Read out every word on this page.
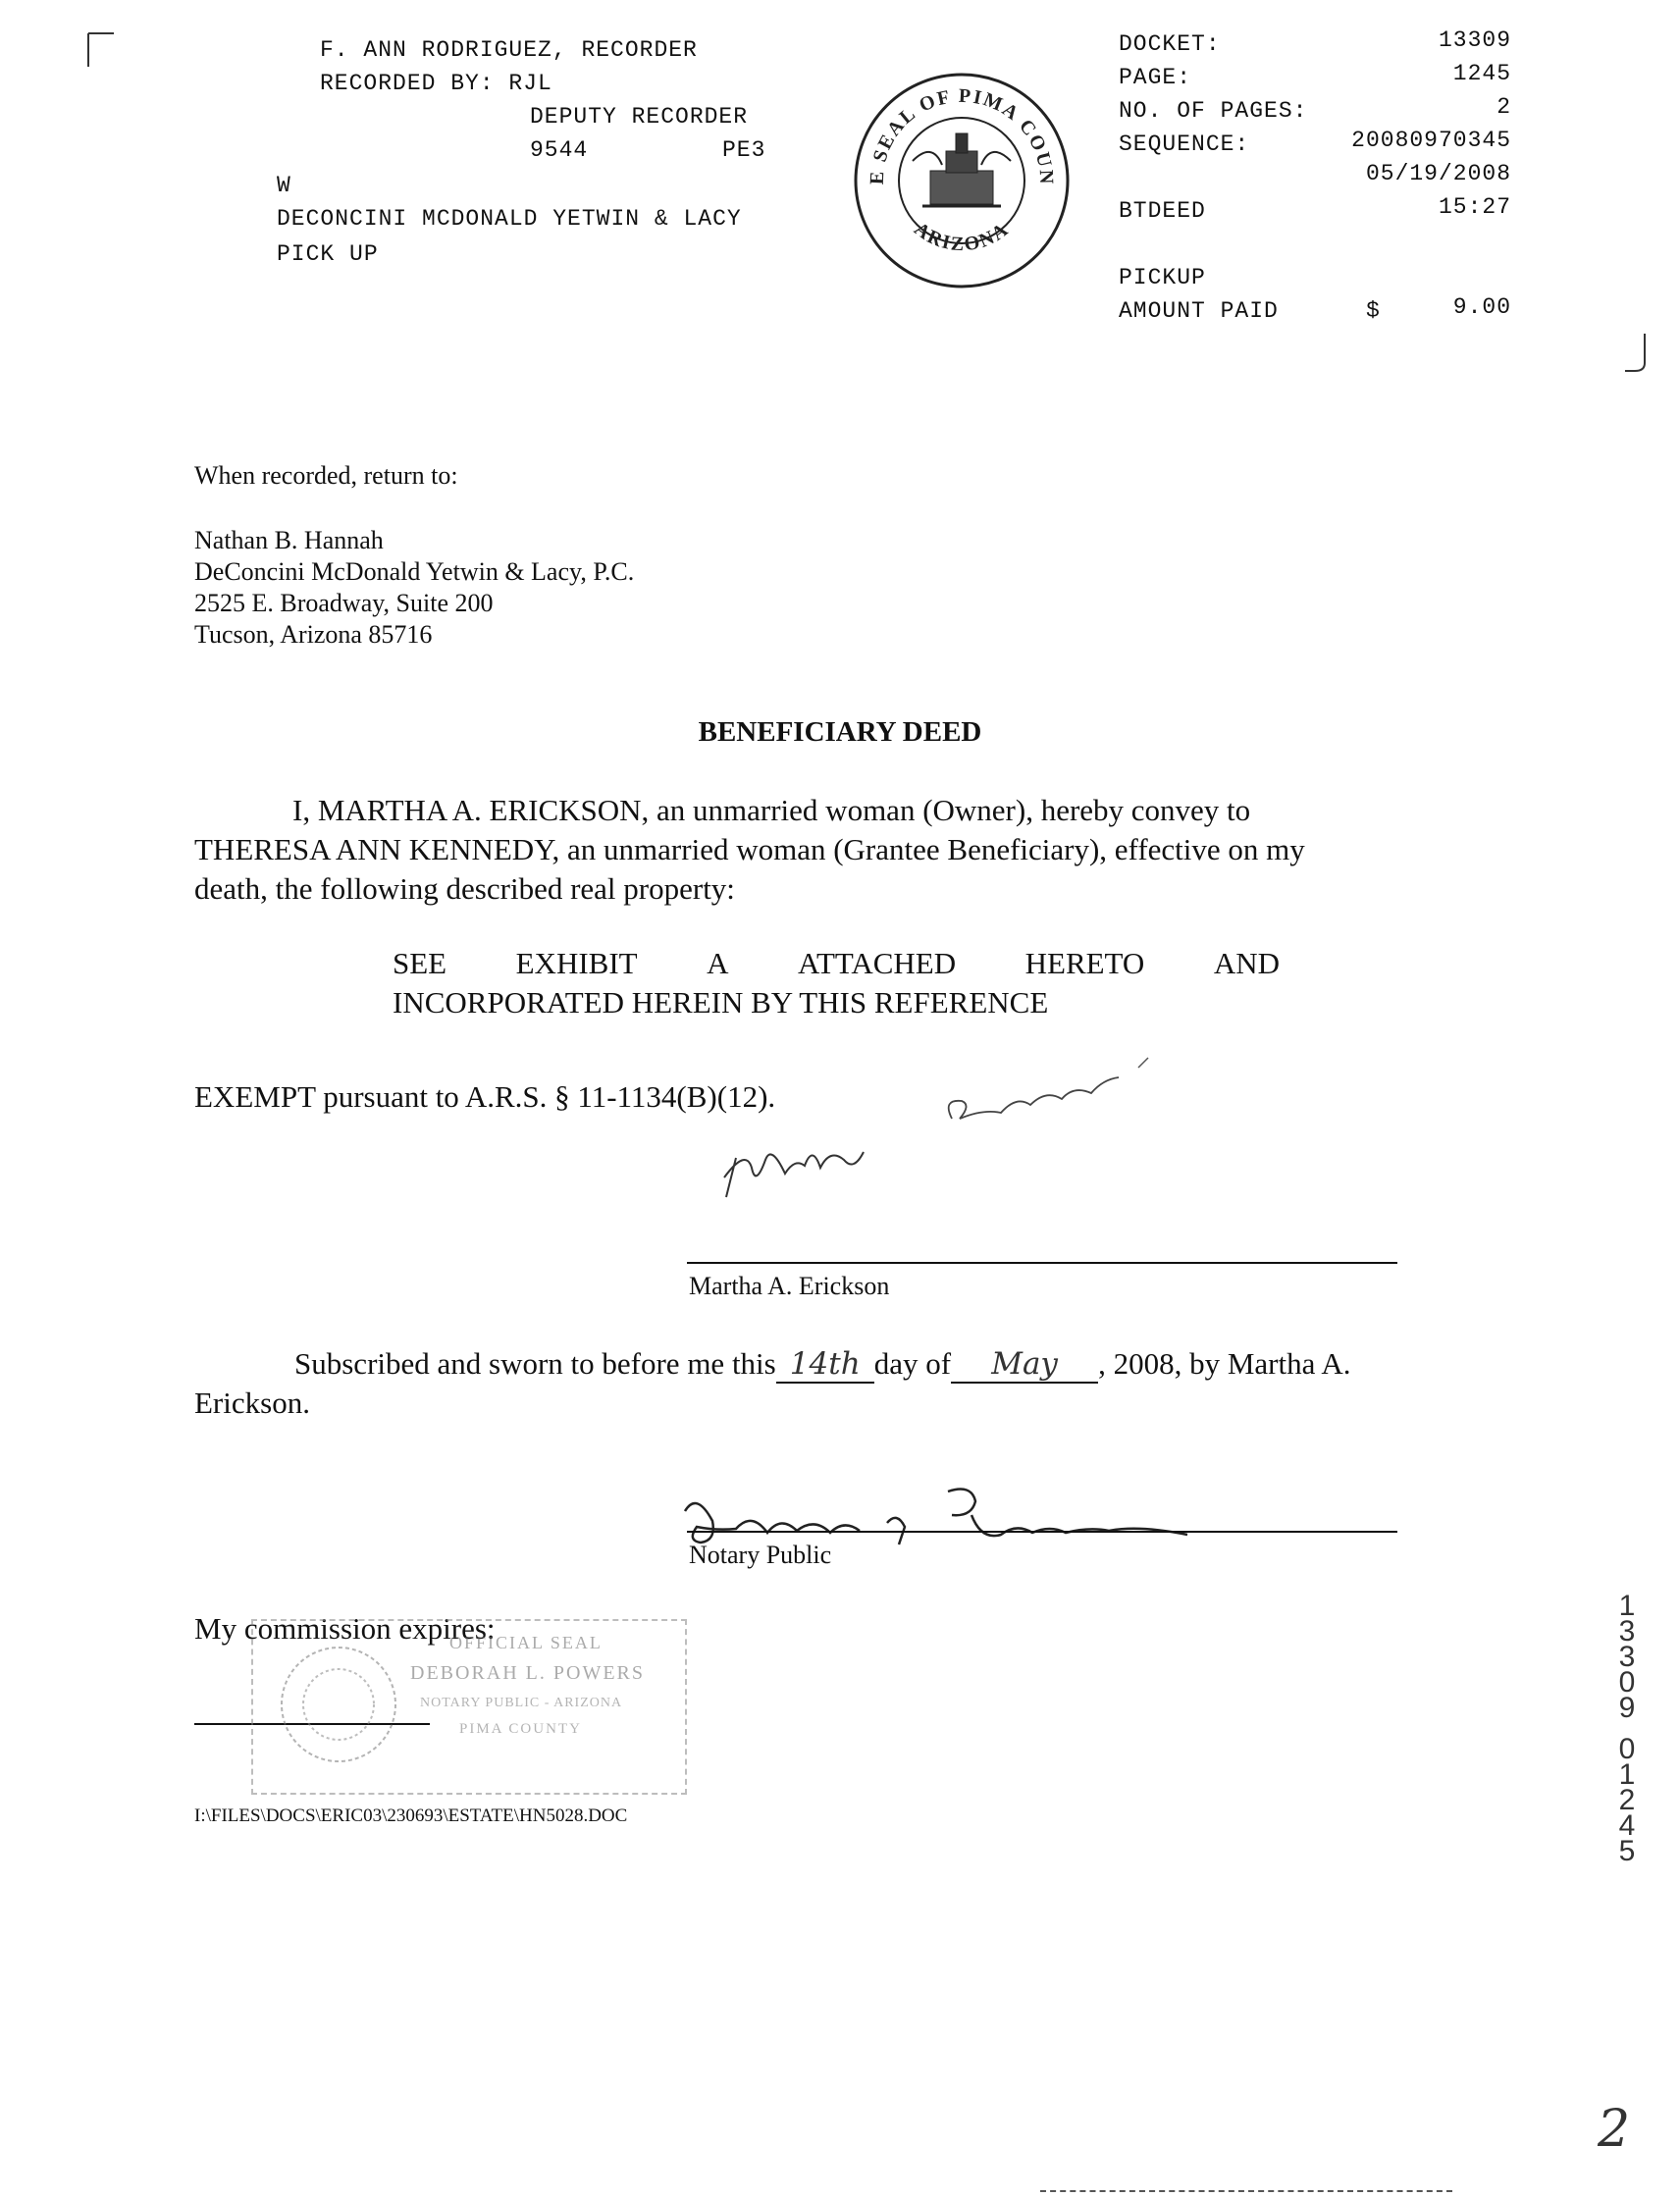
F. ANN RODRIGUEZ, RECORDER
RECORDED BY: RJL
DEPUTY RECORDER
9544	PE3
W
DECONCINI MCDONALD YETWIN & LACY
PICK UP
THE SEAL OF PIMA COUNTY
ARIZONA
DOCKET:	13309
PAGE:	1245
NO. OF PAGES:	2
SEQUENCE:	20080970345
05/19/2008
BTDEED	15:27
PICKUP
AMOUNT PAID	$	9.00
When recorded, return to:
Nathan B. Hannah
DeConcini McDonald Yetwin & Lacy, P.C.
2525 E. Broadway, Suite 200
Tucson, Arizona 85716
BENEFICIARY DEED
I, MARTHA A. ERICKSON, an unmarried woman (Owner), hereby convey to
THERESA ANN KENNEDY, an unmarried woman (Grantee Beneficiary), effective on my
death, the following described real property:
SEE EXHIBIT A ATTACHED HERETO AND
INCORPORATED HEREIN BY THIS REFERENCE
EXEMPT pursuant to A.R.S. § 11-1134(B)(12).
Martha A. Erickson
Subscribed and sworn to before me this 14th day of May , 2008, by Martha A.
Erickson.
Notary Public
My commission expires:
OFFICIAL SEAL
DEBORAH L. POWERS
NOTARY PUBLIC - ARIZONA
PIMA COUNTY
I:\FILES\DOCS\ERIC03\230693\ESTATE\HN5028.DOC
1
3
3
0
9
0
1
2
4
5
2
